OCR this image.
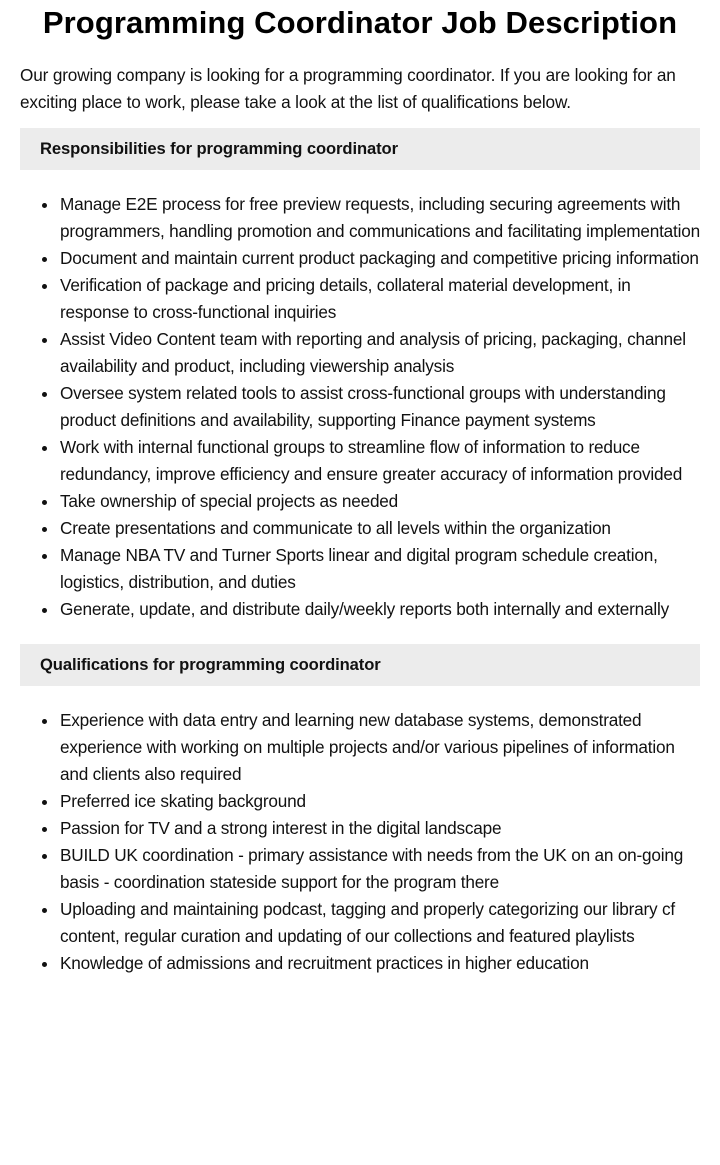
Programming Coordinator Job Description

Our growing company is looking for a programming coordinator. If you are looking for an exciting place to work, please take a look at the list of qualifications below.

Responsibilities for programming coordinator
Manage E2E process for free preview requests, including securing agreements with programmers, handling promotion and communications and facilitating implementation
Document and maintain current product packaging and competitive pricing information
Verification of package and pricing details, collateral material development, in response to cross-functional inquiries
Assist Video Content team with reporting and analysis of pricing, packaging, channel availability and product, including viewership analysis
Oversee system related tools to assist cross-functional groups with understanding product definitions and availability, supporting Finance payment systems
Work with internal functional groups to streamline flow of information to reduce redundancy, improve efficiency and ensure greater accuracy of information provided
Take ownership of special projects as needed
Create presentations and communicate to all levels within the organization
Manage NBA TV and Turner Sports linear and digital program schedule creation, logistics, distribution, and duties
Generate, update, and distribute daily/weekly reports both internally and externally
Qualifications for programming coordinator
Experience with data entry and learning new database systems, demonstrated experience with working on multiple projects and/or various pipelines of information and clients also required
Preferred ice skating background
Passion for TV and a strong interest in the digital landscape
BUILD UK coordination - primary assistance with needs from the UK on an on-going basis - coordination stateside support for the program there
Uploading and maintaining podcast, tagging and properly categorizing our library cf content, regular curation and updating of our collections and featured playlists
Knowledge of admissions and recruitment practices in higher education
